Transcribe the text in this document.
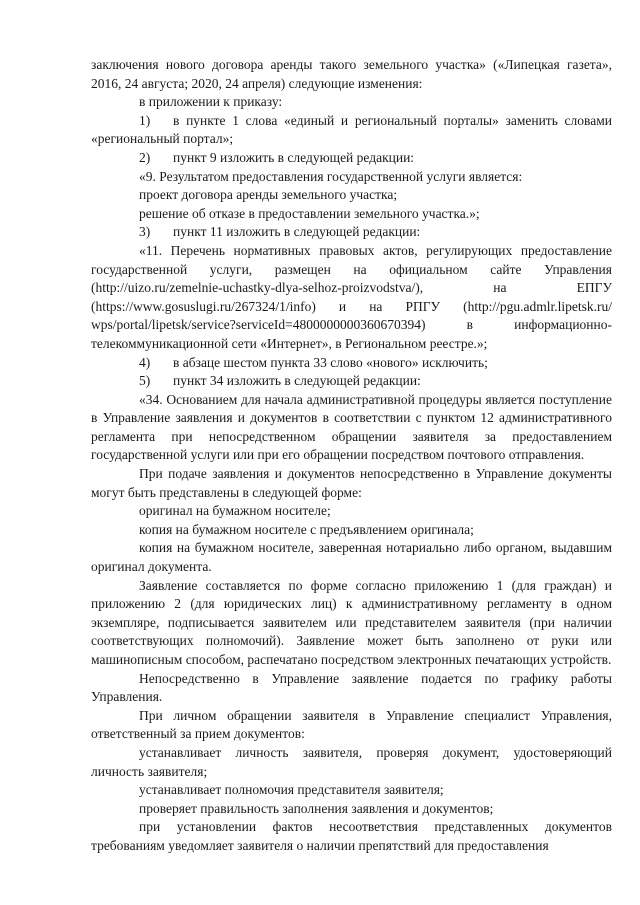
заключения нового договора аренды такого земельного участка» («Липецкая газета», 2016, 24 августа; 2020, 24 апреля) следующие изменения:

в приложении к приказу:

1) в пункте 1 слова «единый и региональный порталы» заменить словами «региональный портал»;

2) пункт 9 изложить в следующей редакции:

«9. Результатом предоставления государственной услуги является:

проект договора аренды земельного участка;

решение об отказе в предоставлении земельного участка.»;

3) пункт 11 изложить в следующей редакции:

«11. Перечень нормативных правовых актов, регулирующих предоставление государственной услуги, размещен на официальном сайте Управления (http://uizo.ru/zemelnie-uchastky-dlya-selhoz-proizvodstva/), на ЕПГУ (https://www.gosuslugi.ru/267324/1/info) и на РПГУ (http://pgu.admlr.lipetsk.ru/ wps/portal/lipetsk/service?serviceId=4800000000360670394) в информационно-телекоммуникационной сети «Интернет», в Региональном реестре.»;

4) в абзаце шестом пункта 33 слово «нового» исключить;

5) пункт 34 изложить в следующей редакции:

«34. Основанием для начала административной процедуры является поступление в Управление заявления и документов в соответствии с пунктом 12 административного регламента при непосредственном обращении заявителя за предоставлением государственной услуги или при его обращении посредством почтового отправления.

При подаче заявления и документов непосредственно в Управление документы могут быть представлены в следующей форме:

оригинал на бумажном носителе;

копия на бумажном носителе с предъявлением оригинала;

копия на бумажном носителе, заверенная нотариально либо органом, выдавшим оригинал документа.

Заявление составляется по форме согласно приложению 1 (для граждан) и приложению 2 (для юридических лиц) к административному регламенту в одном экземпляре, подписывается заявителем или представителем заявителя (при наличии соответствующих полномочий). Заявление может быть заполнено от руки или машинописным способом, распечатано посредством электронных печатающих устройств.

Непосредственно в Управление заявление подается по графику работы Управления.

При личном обращении заявителя в Управление специалист Управления, ответственный за прием документов:

устанавливает личность заявителя, проверяя документ, удостоверяющий личность заявителя;

устанавливает полномочия представителя заявителя;

проверяет правильность заполнения заявления и документов;

при установлении фактов несоответствия представленных документов требованиям уведомляет заявителя о наличии препятствий для предоставления
